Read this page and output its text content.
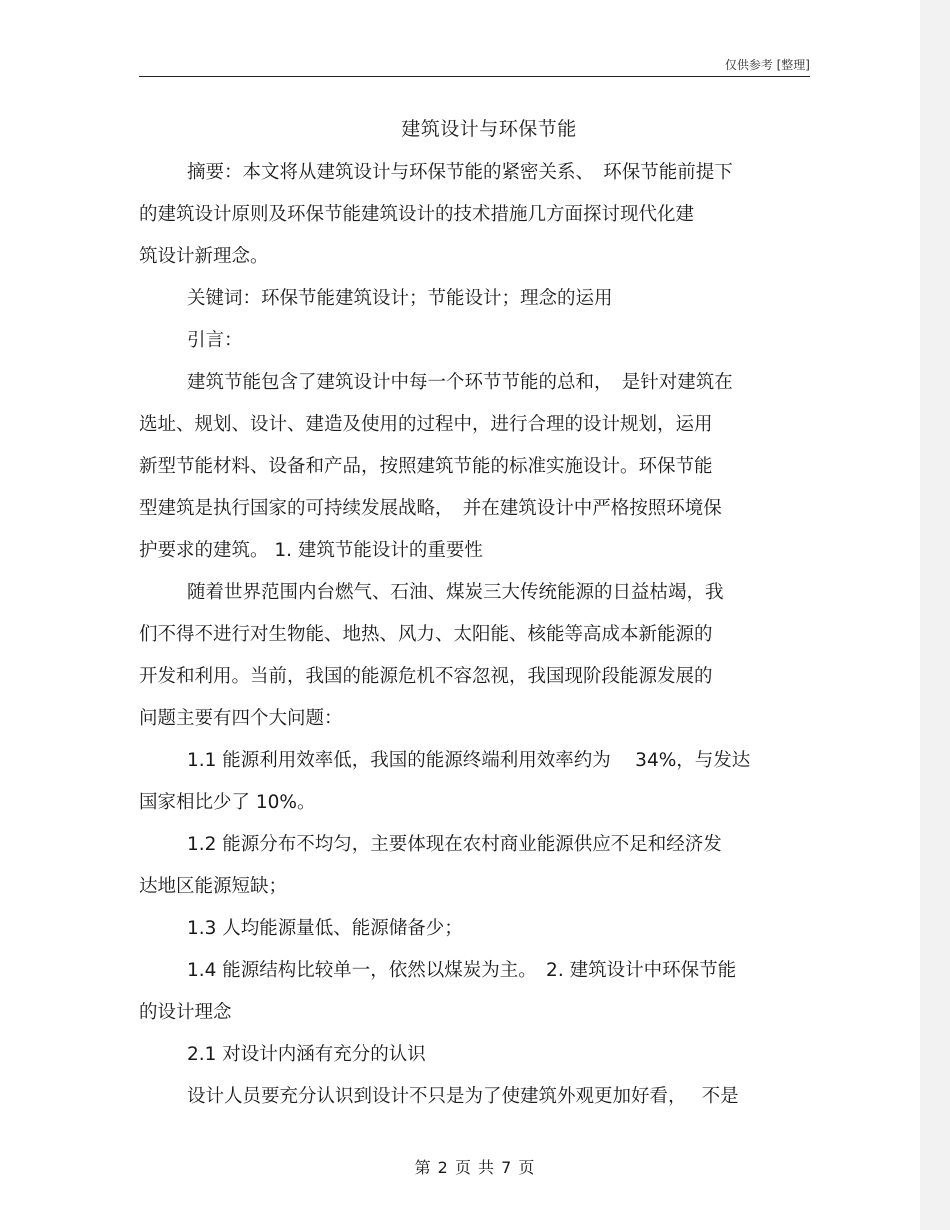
仅供参考 [整理]
建筑设计与环保节能
摘要：本文将从建筑设计与环保节能的紧密关系、　环保节能前提下
的建筑设计原则及环保节能建筑设计的技术措施几方面探讨现代化建
筑设计新理念。
关键词：环保节能建筑设计；节能设计；理念的运用
引言：
建筑节能包含了建筑设计中每一个环节节能的总和，　是针对建筑在
选址、规划、设计、建造及使用的过程中，进行合理的设计规划，运用
新型节能材料、设备和产品，按照建筑节能的标准实施设计。环保节能
型建筑是执行国家的可持续发展战略，　并在建筑设计中严格按照环境保
护要求的建筑。 1. 建筑节能设计的重要性
随着世界范围内台燃气、石油、煤炭三大传统能源的日益枯竭，我
们不得不进行对生物能、地热、风力、太阳能、核能等高成本新能源的
开发和利用。当前，我国的能源危机不容忽视，我国现阶段能源发展的
问题主要有四个大问题：
1.1 能源利用效率低，我国的能源终端利用效率约为　 34%，与发达
国家相比少了 10%。
1.2 能源分布不均匀，主要体现在农村商业能源供应不足和经济发
达地区能源短缺；
1.3 人均能源量低、能源储备少；
1.4 能源结构比较单一，依然以煤炭为主。　2. 建筑设计中环保节能
的设计理念
2.1 对设计内涵有充分的认识
设计人员要充分认识到设计不只是为了使建筑外观更加好看，　 不是
第 2 页 共 7 页
